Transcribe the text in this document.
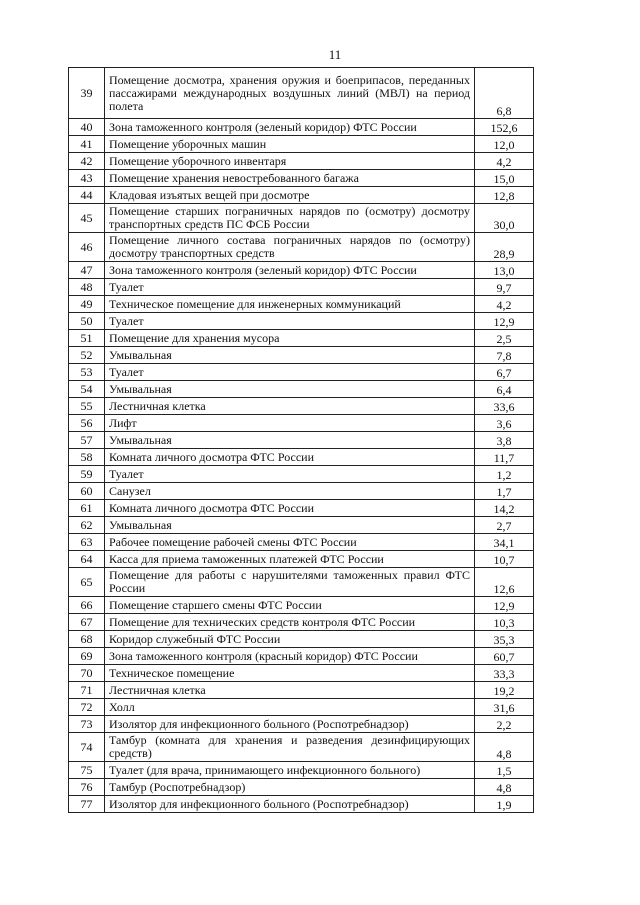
11
39	Помещение досмотра, хранения оружия и боеприпасов, переданных пассажирами международных воздушных линий (МВЛ) на период полета	6,8
40	Зона таможенного контроля (зеленый коридор) ФТС России	152,6
41	Помещение уборочных машин	12,0
42	Помещение уборочного инвентаря	4,2
43	Помещение хранения невостребованного багажа	15,0
44	Кладовая изъятых вещей при досмотре	12,8
45	Помещение старших пограничных нарядов по (осмотру) досмотру транспортных средств ПС ФСБ России	30,0
46	Помещение личного состава пограничных нарядов по (осмотру) досмотру транспортных средств	28,9
47	Зона таможенного контроля (зеленый коридор) ФТС России	13,0
48	Туалет	9,7
49	Техническое помещение для инженерных коммуникаций	4,2
50	Туалет	12,9
51	Помещение для хранения мусора	2,5
52	Умывальная	7,8
53	Туалет	6,7
54	Умывальная	6,4
55	Лестничная клетка	33,6
56	Лифт	3,6
57	Умывальная	3,8
58	Комната личного досмотра ФТС России	11,7
59	Туалет	1,2
60	Санузел	1,7
61	Комната личного досмотра ФТС России	14,2
62	Умывальная	2,7
63	Рабочее помещение рабочей смены ФТС России	34,1
64	Касса для приема таможенных платежей ФТС России	10,7
65	Помещение для работы с нарушителями таможенных правил ФТС России	12,6
66	Помещение старшего смены ФТС России	12,9
67	Помещение для технических средств контроля ФТС России	10,3
68	Коридор служебный ФТС России	35,3
69	Зона таможенного контроля (красный коридор) ФТС России	60,7
70	Техническое помещение	33,3
71	Лестничная клетка	19,2
72	Холл	31,6
73	Изолятор для инфекционного больного (Роспотребнадзор)	2,2
74	Тамбур (комната для хранения и разведения дезинфицирующих средств)	4,8
75	Туалет (для врача, принимающего инфекционного больного)	1,5
76	Тамбур (Роспотребнадзор)	4,8
77	Изолятор для инфекционного больного (Роспотребнадзор)	1,9
